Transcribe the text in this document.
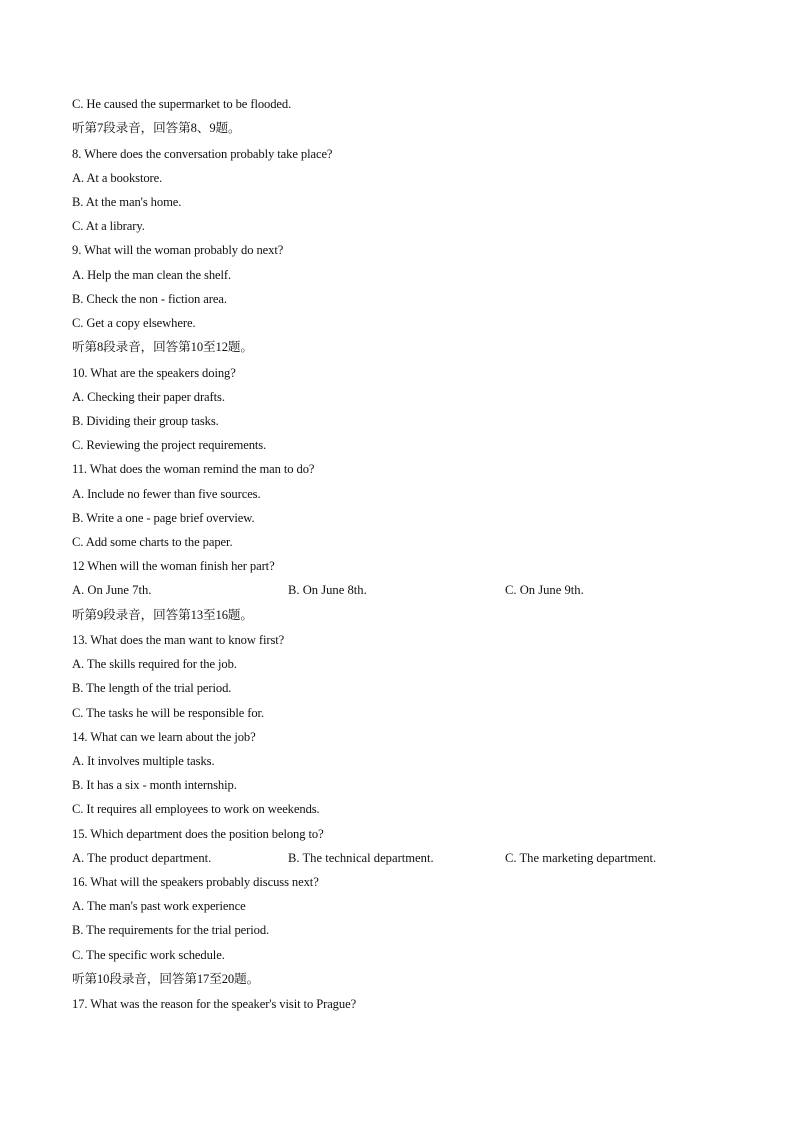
C. He caused the supermarket to be flooded.
听第7段录音，回答第8、9题。
8. Where does the conversation probably take place?
A. At a bookstore.
B. At the man's home.
C. At a library.
9. What will the woman probably do next?
A. Help the man clean the shelf.
B. Check the non - fiction area.
C. Get a copy elsewhere.
听第8段录音，回答第10至12题。
10. What are the speakers doing?
A. Checking their paper drafts.
B. Dividing their group tasks.
C. Reviewing the project requirements.
11. What does the woman remind the man to do?
A. Include no fewer than five sources.
B. Write a one - page brief overview.
C. Add some charts to the paper.
12 When will the woman finish her part?
A. On June 7th.	B. On June 8th.	C. On June 9th.
听第9段录音，回答第13至16题。
13. What does the man want to know first?
A. The skills required for the job.
B. The length of the trial period.
C. The tasks he will be responsible for.
14. What can we learn about the job?
A. It involves multiple tasks.
B. It has a six - month internship.
C. It requires all employees to work on weekends.
15. Which department does the position belong to?
A. The product department.	B. The technical department.	C. The marketing department.
16. What will the speakers probably discuss next?
A. The man's past work experience
B. The requirements for the trial period.
C. The specific work schedule.
听第10段录音，回答第17至20题。
17. What was the reason for the speaker's visit to Prague?
